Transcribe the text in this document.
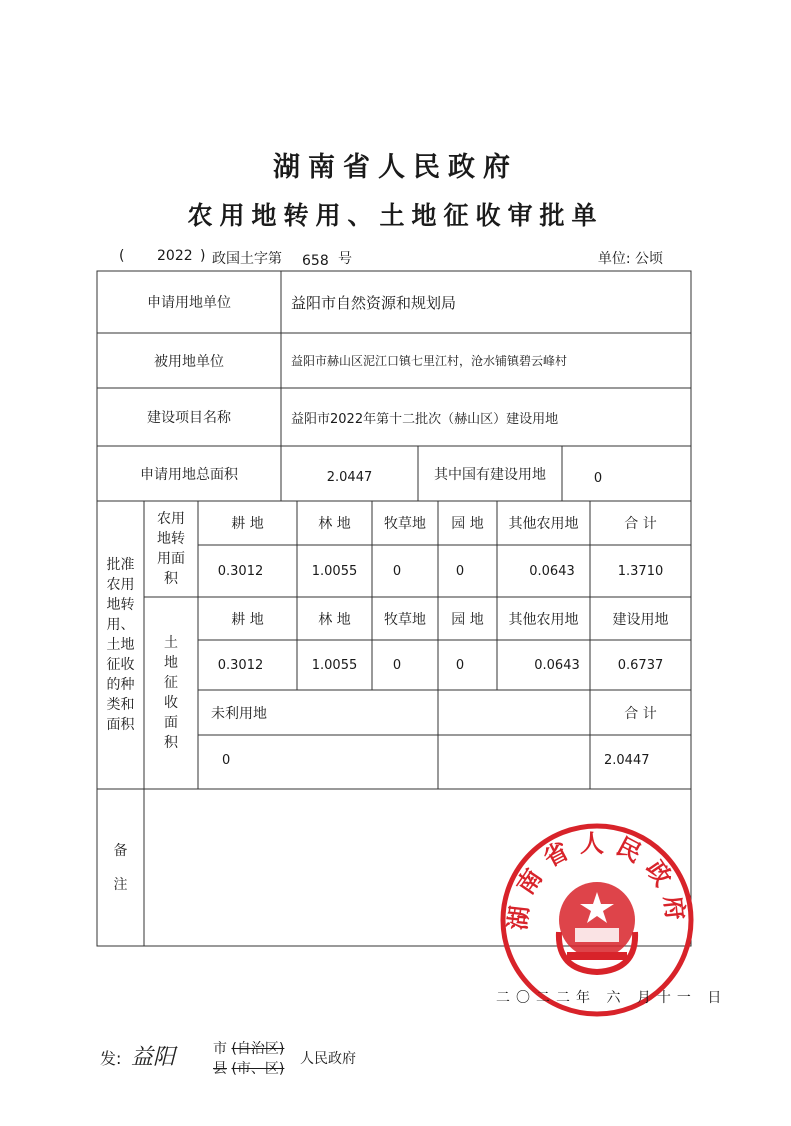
湖南省人民政府
农用地转用、土地征收审批单
( 2022 ) 政国土字第 658 号	单位: 公顷
申请用地单位	益阳市自然资源和规划局
被用地单位	益阳市赫山区泥江口镇七里江村，沧水铺镇碧云峰村
建设项目名称	益阳市2022年第十二批次（赫山区）建设用地
申请用地总面积	2.0447	其中国有建设用地	0
批准农用地转用、土地征收的种类和面积
农用地转用面积
耕 地	林 地	牧草地	园 地	其他农用地	合 计
0.3012	1.0055	0	0	0.0643	1.3710
土地征收面积
耕 地	林 地	牧草地	园 地	其他农用地	建设用地
0.3012	1.0055	0	0	0.0643	0.6737
未利用地	合 计
0	2.0447
备 注
湖南省人民政府
二〇二二年 六 月十一 日
发: 益阳	市 (自治区)
县 (市、区)
人民政府
